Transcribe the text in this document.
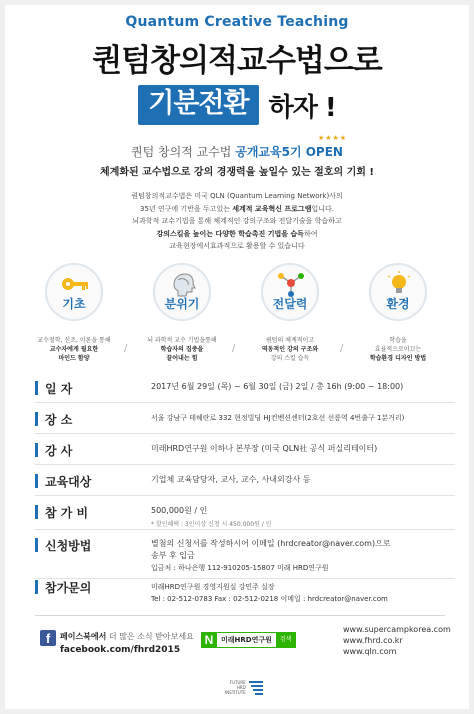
Quantum Creative Teaching
퀀텀창의적교수법으로
기분전환 하자 !
★★★★
퀀텀 창의적 교수법 공개교육5기 OPEN
체계화된 교수법으로 강의 경쟁력을 높일수 있는 절호의 기회 !
퀀텀창의적교수법은 미국 QLN (Quantum Learning Network)사의
35년 연구에 기반을 두고있는 세계적 교육혁신 프로그램입니다.
뇌과학적 교수기법을 통해 체계적인 강의구조와 전달기술을 학습하고
강의스킬을 높이는 다양한 학습촉진 기법을 습득하여
교육현장에서효과적으로 활용할 수 있습니다
기초	분위기	전달력	환경
교수철학, 신조, 이론을 통해
교수자에게 필요한
마인드 함양
/
뇌 과학적 교수 기법을통해
학습자의 집중을
끌어내는 힘
/
퀀텀의 체계적이고
역동적인 강의 구조와
강의 스킬 습득
/
학습을
효율적으로이끄는
학습환경 디자인 방법
일 자	2017년 6월 29일 (목) ~ 6월 30일 (금) 2일 / 총 16h (9:00 ~ 18:00)
장 소	서울 강남구 테헤란로 332 현정빌딩 HJ컨벤션센터(2호선 선릉역 4번출구 1분거리)
강 사	미래HRD연구원 이하나 본부장 (미국 QLN社 공식 퍼실리테이터)
교육대상	기업체 교육담당자, 교사, 교수, 사내외강사 등
참 가 비	500,000원 / 인
* 할인혜택 : 3인이상 신청 시 450,000원 / 인
신청방법	별첨의 신청서를 작성하시어 이메일 (hrdcreator@naver.com)으로
송부 후 입금
입금처 : 하나은행 112-910205-15807 미래 HRD연구원
참가문의	미래HRD연구원 경영지원실 강민주 실장
Tel : 02-512-0783 Fax : 02-512-0218 이메일 : hrdcreator@naver.com
f	페이스북에서 더 많은 소식 받아보세요
facebook.com/fhrd2015
N	미래HRD연구원	검색
www.supercampkorea.com
www.fhrd.co.kr
www.qln.com
FUTURE
HRD
INSTITUTE
